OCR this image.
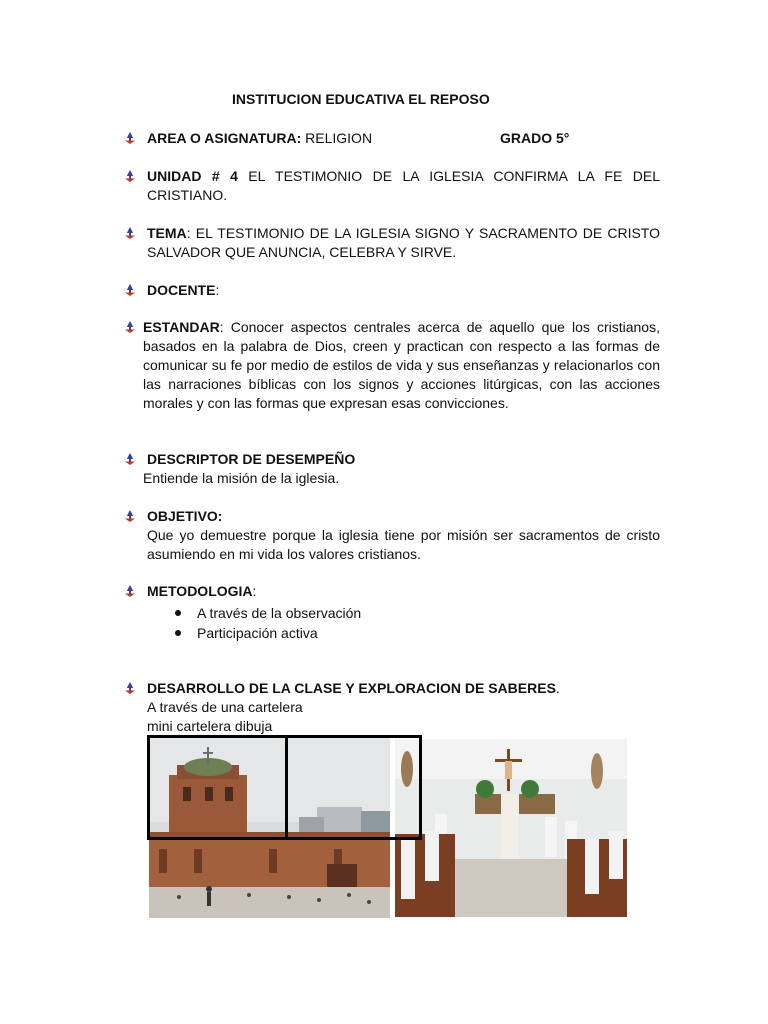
INSTITUCION EDUCATIVA EL REPOSO
AREA O ASIGNATURA: RELIGION	GRADO 5°
UNIDAD # 4 EL TESTIMONIO DE LA IGLESIA CONFIRMA LA FE DEL CRISTIANO.
TEMA: EL TESTIMONIO DE LA IGLESIA SIGNO Y SACRAMENTO DE CRISTO SALVADOR QUE ANUNCIA, CELEBRA Y SIRVE.
DOCENTE:
ESTANDAR: Conocer aspectos centrales acerca de aquello que los cristianos, basados en la palabra de Dios, creen y practican con respecto a las formas de comunicar su fe por medio de estilos de vida y sus enseñanzas y relacionarlos con las narraciones bíblicas con los signos y acciones litúrgicas, con las acciones morales y con las formas que expresan esas convicciones.
DESCRIPTOR DE DESEMPEÑO
Entiende la misión de la iglesia.
OBJETIVO:
Que yo demuestre porque la iglesia tiene por misión ser sacramentos de cristo asumiendo en mi vida los valores cristianos.
METODOLOGIA:
A través de la observación
Participación activa
DESARROLLO DE LA CLASE Y EXPLORACION DE SABERES.
A través de una cartelera
mini cartelera dibuja
